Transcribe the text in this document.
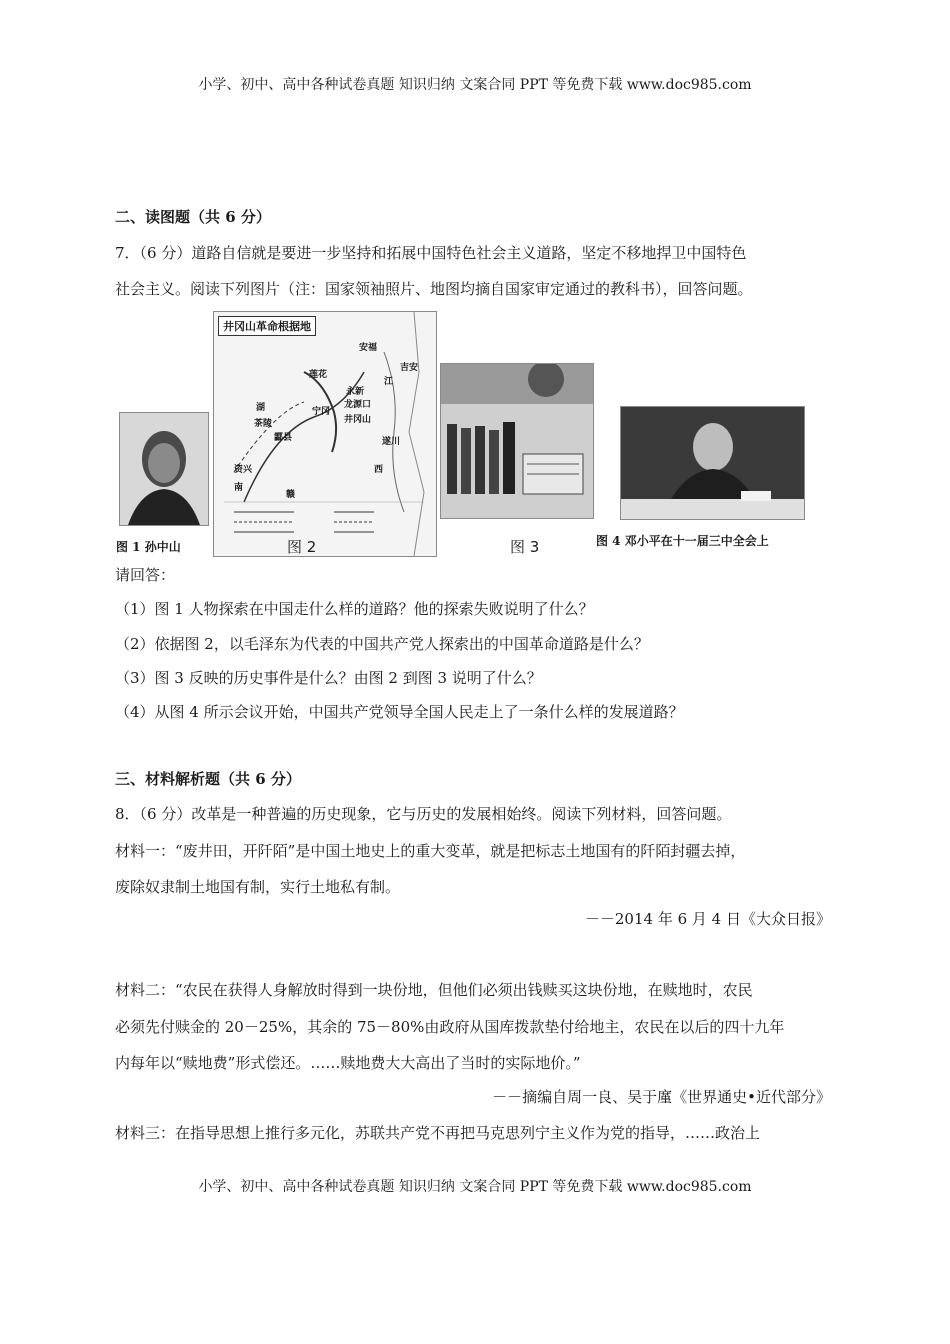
小学、初中、高中各种试卷真题 知识归纳 文案合同 PPT 等免费下载 www.doc985.com
二、读图题（共 6 分）
7．（6 分）道路自信就是要进一步坚持和拓展中国特色社会主义道路，坚定不移地捍卫中国特色
社会主义。阅读下列图片（注：国家领袖照片、地图均摘自国家审定通过的教科书），回答问题。
图 1 孙中山
井冈山革命根据地
安福
吉安
莲花
永新
江
湖
茶陵
宁冈
龙源口
井冈山
酃县	遂川
资兴
南
赣
西
图 2	图 3	图 4 邓小平在十一届三中全会上
请回答：
（1）图 1 人物探索在中国走什么样的道路？他的探索失败说明了什么？
（2）依据图 2，以毛泽东为代表的中国共产党人探索出的中国革命道路是什么？
（3）图 3 反映的历史事件是什么？由图 2 到图 3 说明了什么？
（4）从图 4 所示会议开始，中国共产党领导全国人民走上了一条什么样的发展道路？
三、材料解析题（共 6 分）
8．（6 分）改革是一种普遍的历史现象，它与历史的发展相始终。阅读下列材料，回答问题。
材料一：“废井田，开阡陌”是中国土地史上的重大变革，就是把标志土地国有的阡陌封疆去掉，
废除奴隶制土地国有制，实行土地私有制。
－－2014 年 6 月 4 日《大众日报》
材料二：“农民在获得人身解放时得到一块份地，但他们必须出钱赎买这块份地，在赎地时，农民
必须先付赎金的 20－25%，其余的 75－80%由政府从国库拨款垫付给地主，农民在以后的四十九年
内每年以“赎地费”形式偿还。……赎地费大大高出了当时的实际地价。”
－－摘编自周一良、吴于廑《世界通史•近代部分》
材料三：在指导思想上推行多元化，苏联共产党不再把马克思列宁主义作为党的指导，……政治上
小学、初中、高中各种试卷真题 知识归纳 文案合同 PPT 等免费下载 www.doc985.com
